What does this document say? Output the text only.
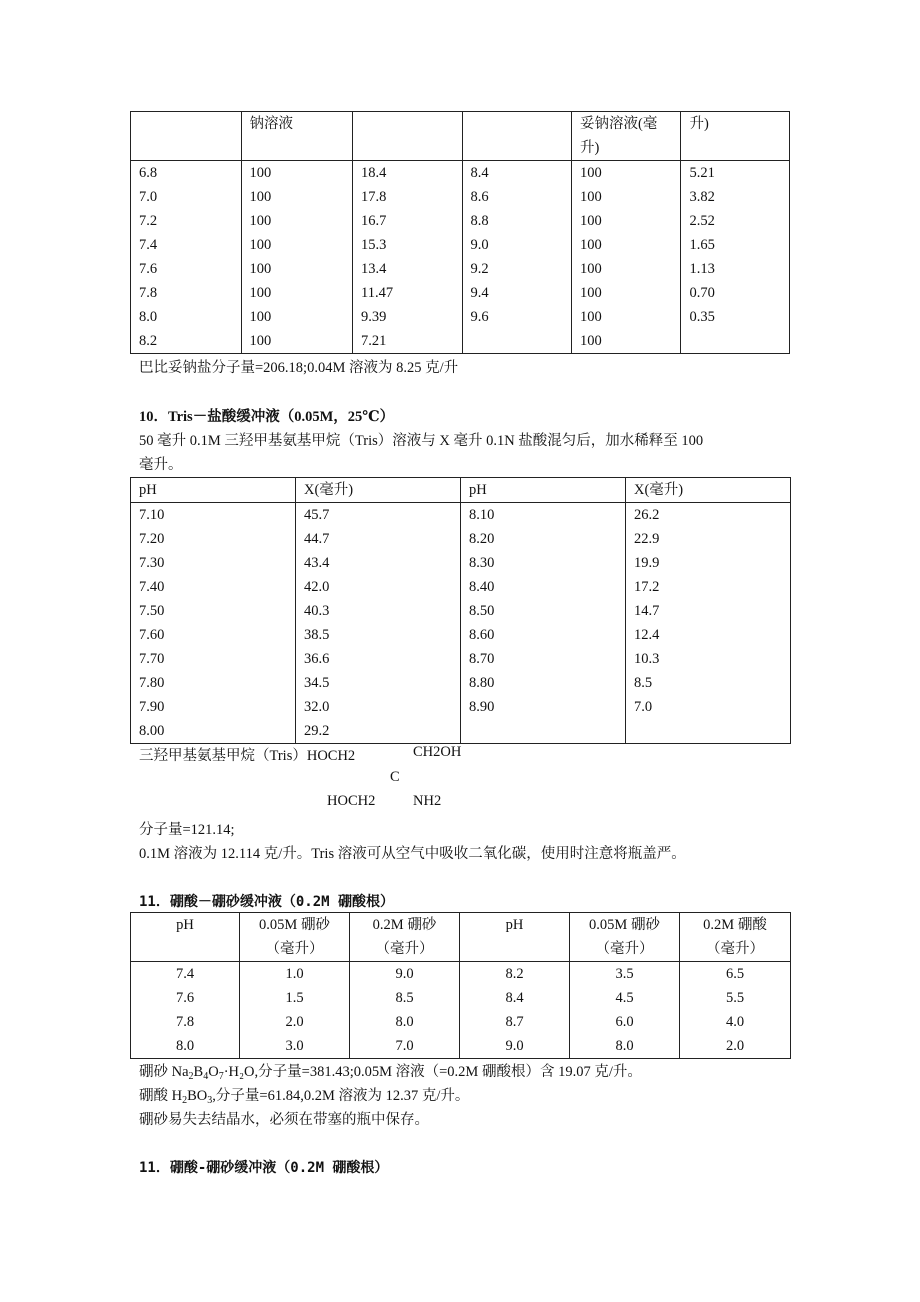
	钠溶液			妥钠溶液(毫
升)	升)
6.8	100	18.4	8.4	100	5.21
7.0	100	17.8	8.6	100	3.82
7.2	100	16.7	8.8	100	2.52
7.4	100	15.3	9.0	100	1.65
7.6	100	13.4	9.2	100	1.13
7.8	100	11.47	9.4	100	0.70
8.0	100	9.39	9.6	100	0.35
8.2	100	7.21		100	
巴比妥钠盐分子量=206.18;0.04M 溶液为 8.25 克/升
10．Tris－盐酸缓冲液（0.05M，25℃）
50 毫升 0.1M 三羟甲基氨基甲烷（Tris）溶液与 X 毫升 0.1N 盐酸混匀后，加水稀释至 100
毫升。
pH	X(毫升)	pH	X(毫升)
7.10	45.7	8.10	26.2
7.20	44.7	8.20	22.9
7.30	43.4	8.30	19.9
7.40	42.0	8.40	17.2
7.50	40.3	8.50	14.7
7.60	38.5	8.60	12.4
7.70	36.6	8.70	10.3
7.80	34.5	8.80	8.5
7.90	32.0	8.90	7.0
8.00	29.2		
三羟甲基氨基甲烷（Tris）HOCH2	CH2OH
C
HOCH2	NH2
分子量=121.14;
0.1M 溶液为 12.114 克/升。Tris 溶液可从空气中吸收二氧化碳，使用时注意将瓶盖严。
11．硼酸－硼砂缓冲液（0.2M 硼酸根）
pH	0.05M 硼砂	0.2M 硼砂	pH	0.05M 硼砂	0.2M 硼酸
	（毫升）	（毫升）		（毫升）	（毫升）
7.4	1.0	9.0	8.2	3.5	6.5
7.6	1.5	8.5	8.4	4.5	5.5
7.8	2.0	8.0	8.7	6.0	4.0
8.0	3.0	7.0	9.0	8.0	2.0
硼砂 $Na_2B_4O_7\cdot H_2O$,分子量=381.43;0.05M 溶液（=0.2M 硼酸根）含 19.07 克/升。
硼酸 $H_2BO_3$,分子量=61.84,0.2M 溶液为 12.37 克/升。
硼砂易失去结晶水，必须在带塞的瓶中保存。
11．硼酸-硼砂缓冲液（0.2M 硼酸根）
